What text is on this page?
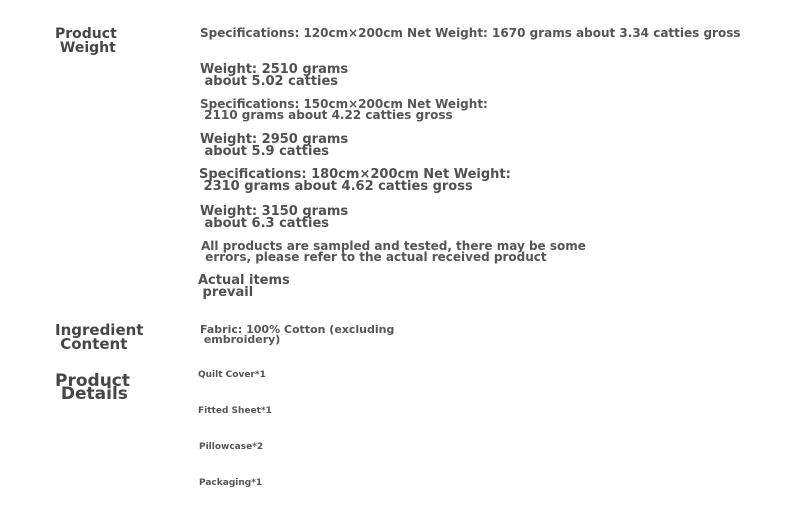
Product
Weight
Specifications: 120cm×200cm Net Weight: 1670 grams about 3.34 catties gross
Weight: 2510 grams
about 5.02 catties
Specifications: 150cm×200cm Net Weight:
2110 grams about 4.22 catties gross
Weight: 2950 grams
about 5.9 catties
Specifications: 180cm×200cm Net Weight:
2310 grams about 4.62 catties gross
Weight: 3150 grams
about 6.3 catties
All products are sampled and tested, there may be some
errors, please refer to the actual received product
Actual items
prevail
Ingredient
Content
Fabric: 100% Cotton (excluding
embroidery)
Product
Details
Quilt Cover*1
Fitted Sheet*1
Pillowcase*2
Packaging*1
